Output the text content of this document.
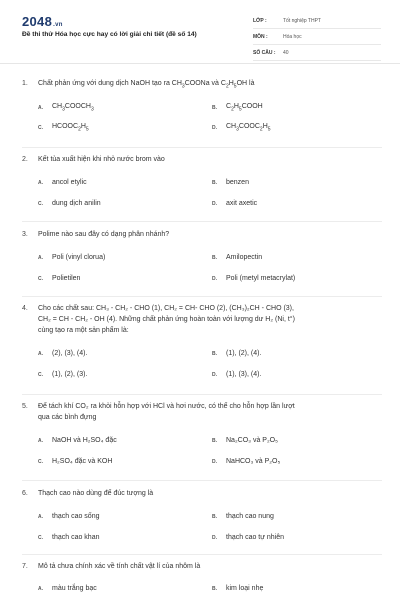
2048.vn
Đề thi thử Hóa học cực hay có lời giải chi tiết (đề số 14)
LỚP :	Tốt nghiệp THPT
MÔN :	Hóa học
SỐ CÂU :	40
1.	Chất phản ứng với dung dịch NaOH tạo ra $CH_3COONa$ và $C_2H_5OH$ là
A.	$CH_3COOCH_3$	B.	$C_2H_5COOH$
C.	$HCOOC_2H_5$	D.	$CH_3COOC_2H_5$
2.	Kết tủa xuất hiện khi nhỏ nước brom vào
A.	ancol etylic	B.	benzen
C.	dung dịch anilin	D.	axit axetic
3.	Polime nào sau đây có dạng phân nhánh?
A.	Poli (vinyl clorua)	B.	Amilopectin
C.	Polietilen	D.	Poli (metyl metacrylat)
4.	Cho các chất sau: CH₃ - CH₂ - CHO (1), CH₂ = CH- CHO (2), (CH₃)₂CH - CHO (3),
CH₂ = CH - CH₂ - OH (4). Những chất phản ứng hoàn toàn với lượng dư H₂ (Ni, t°)
cùng tạo ra một sản phẩm là:
A.	(2), (3), (4).	B.	(1), (2), (4).
C.	(1), (2), (3).	D.	(1), (3), (4).
5.	Để tách khí CO₂ ra khỏi hỗn hợp với HCl và hơi nước, có thể cho hỗn hợp lần lượt
qua các bình đựng
A.	NaOH và H₂SO₄ đặc	B.	Na₂CO₃ và P₂O₅
C.	H₂SO₄ đặc và KOH	D.	NaHCO₃ và P₂O₅
6.	Thạch cao nào dùng để đúc tượng là
A.	thạch cao sống	B.	thạch cao nung
C.	thạch cao khan	D.	thạch cao tự nhiên
7.	Mô tả chưa chính xác về tính chất vật lí của nhôm là
A.	màu trắng bạc	B.	kim loại nhẹ
